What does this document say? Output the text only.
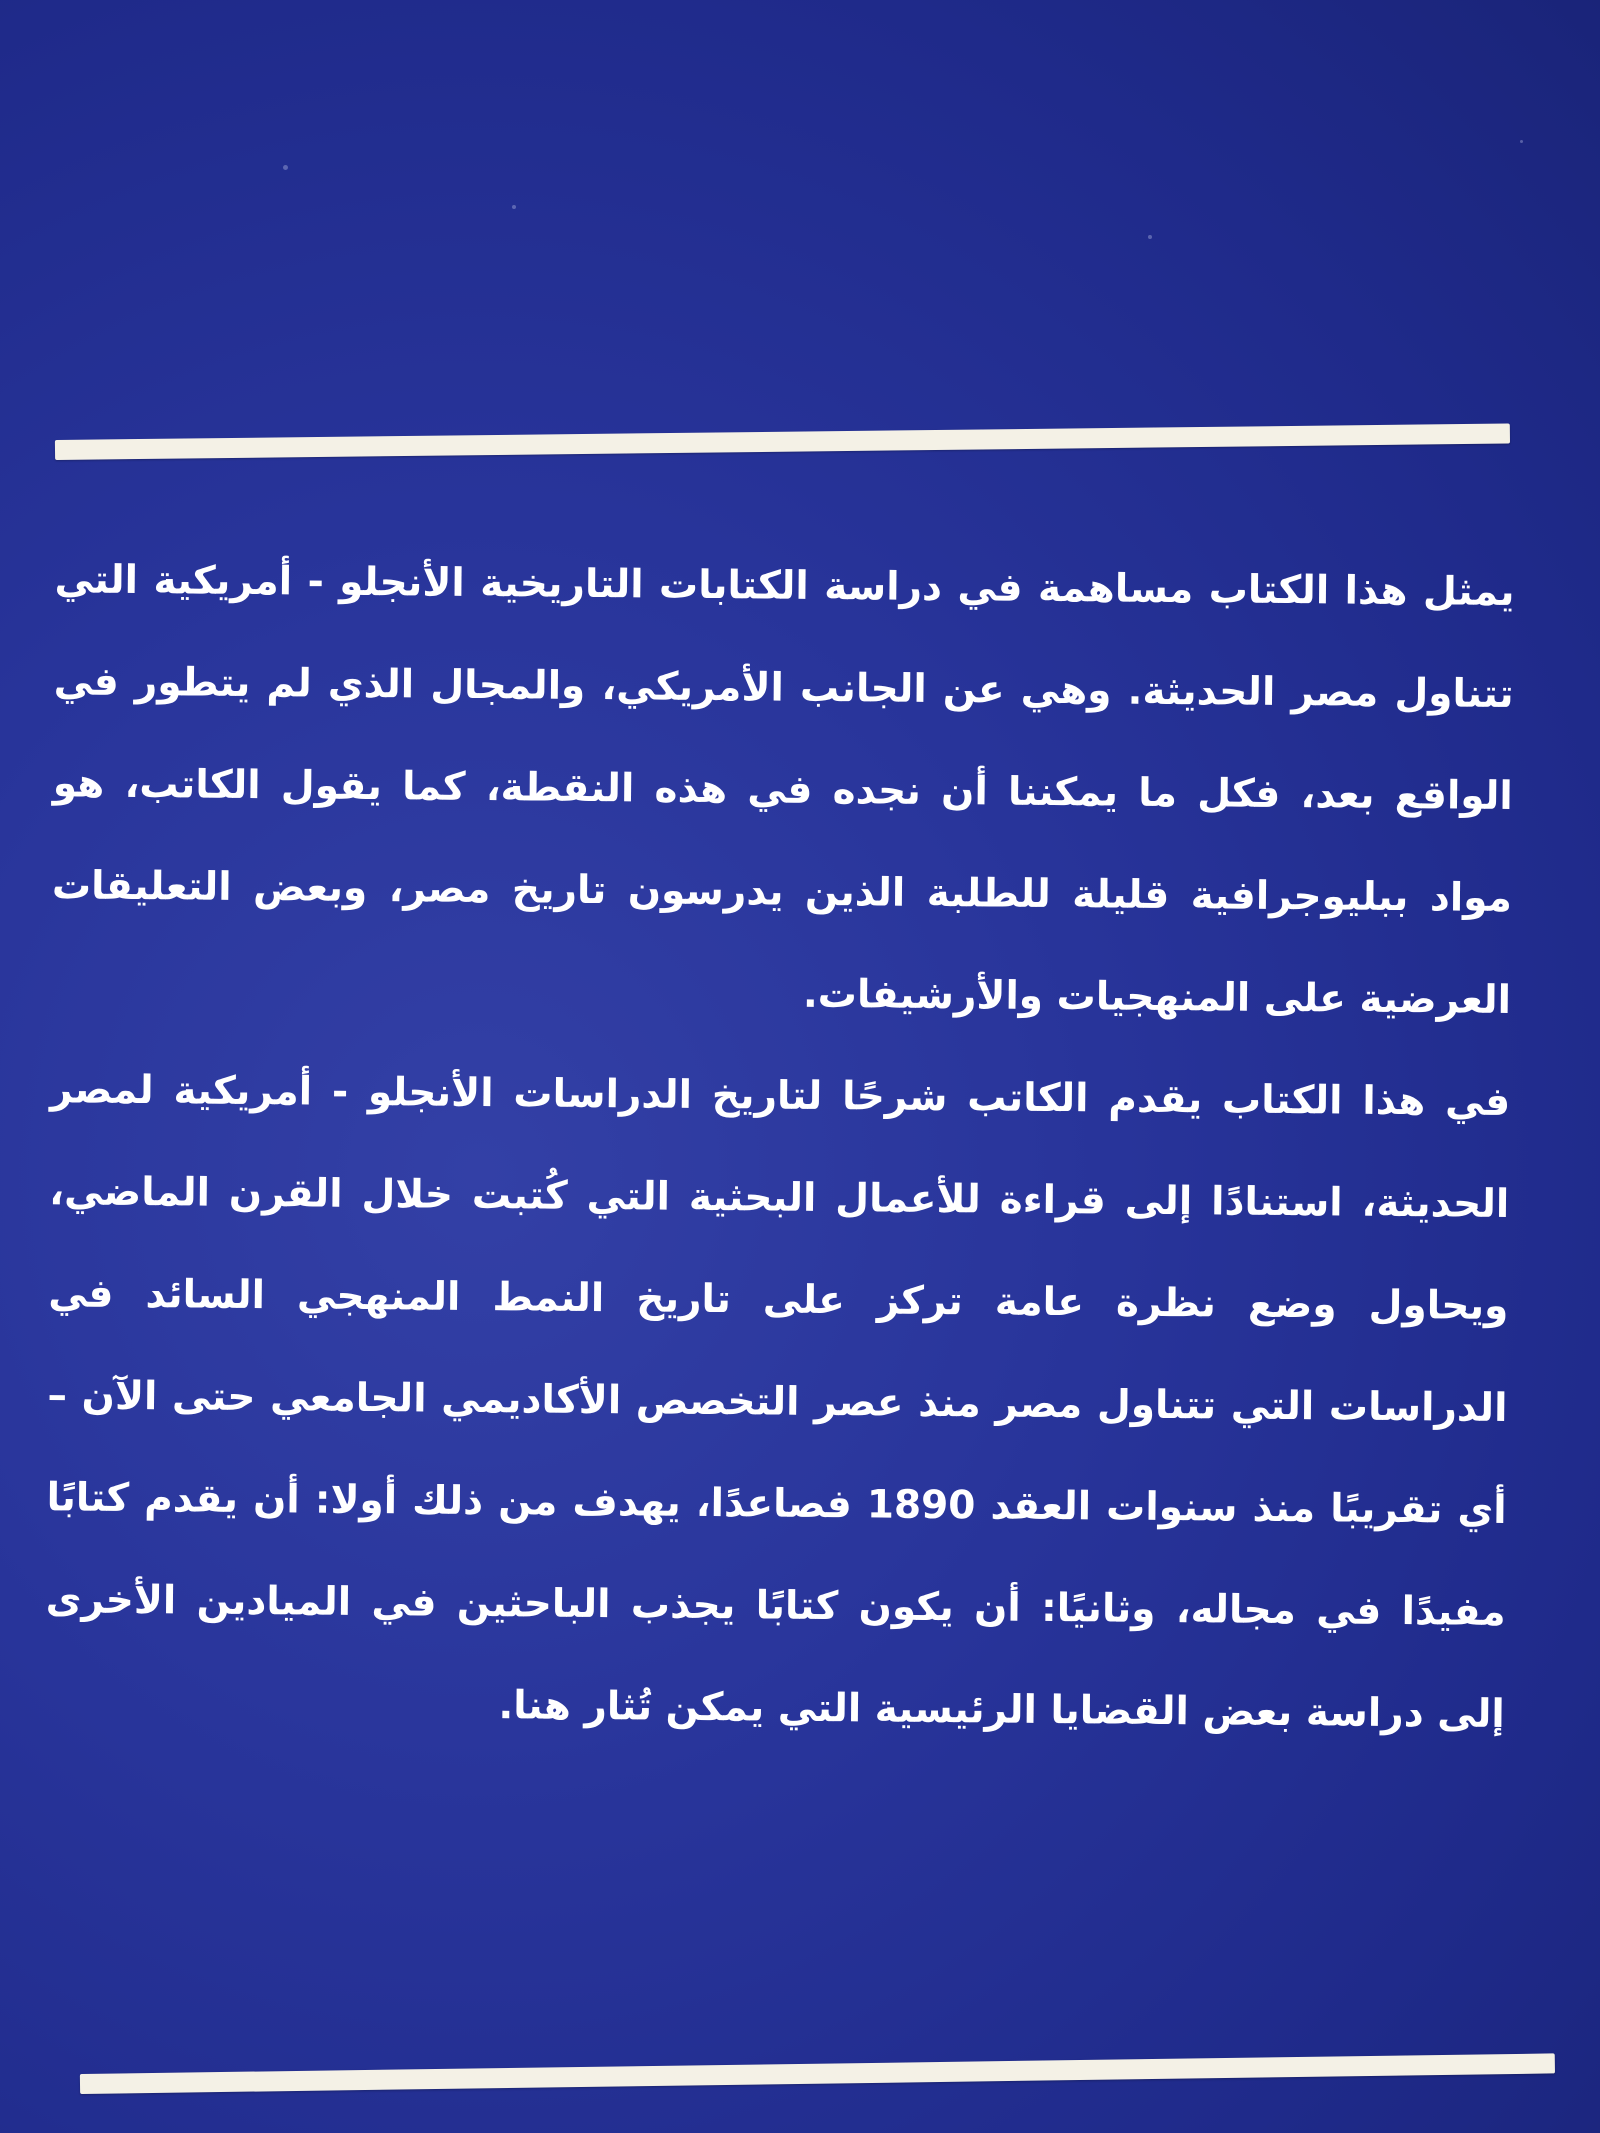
يمثل هذا الكتاب مساهمة في دراسة الكتابات التاريخية الأنجلو - أمريكية التي تتناول مصر الحديثة. وهي عن الجانب الأمريكي، والمجال الذي لم يتطور في الواقع بعد، فكل ما يمكننا أن نجده في هذه النقطة، كما يقول الكاتب، هو مواد ببليوجرافية قليلة للطلبة الذين يدرسون تاريخ مصر، وبعض التعليقات العرضية على المنهجيات والأرشيفات.

في هذا الكتاب يقدم الكاتب شرحًا لتاريخ الدراسات الأنجلو - أمريكية لمصر الحديثة، استنادًا إلى قراءة للأعمال البحثية التي كُتبت خلال القرن الماضي، ويحاول وضع نظرة عامة تركز على تاريخ النمط المنهجي السائد في الدراسات التي تتناول مصر منذ عصر التخصص الأكاديمي الجامعي حتى الآن – أي تقريبًا منذ سنوات العقد 1890 فصاعدًا، يهدف من ذلك أولا: أن يقدم كتابًا مفيدًا في مجاله، وثانيًا: أن يكون كتابًا يجذب الباحثين في الميادين الأخرى إلى دراسة بعض القضايا الرئيسية التي يمكن تُثار هنا.
